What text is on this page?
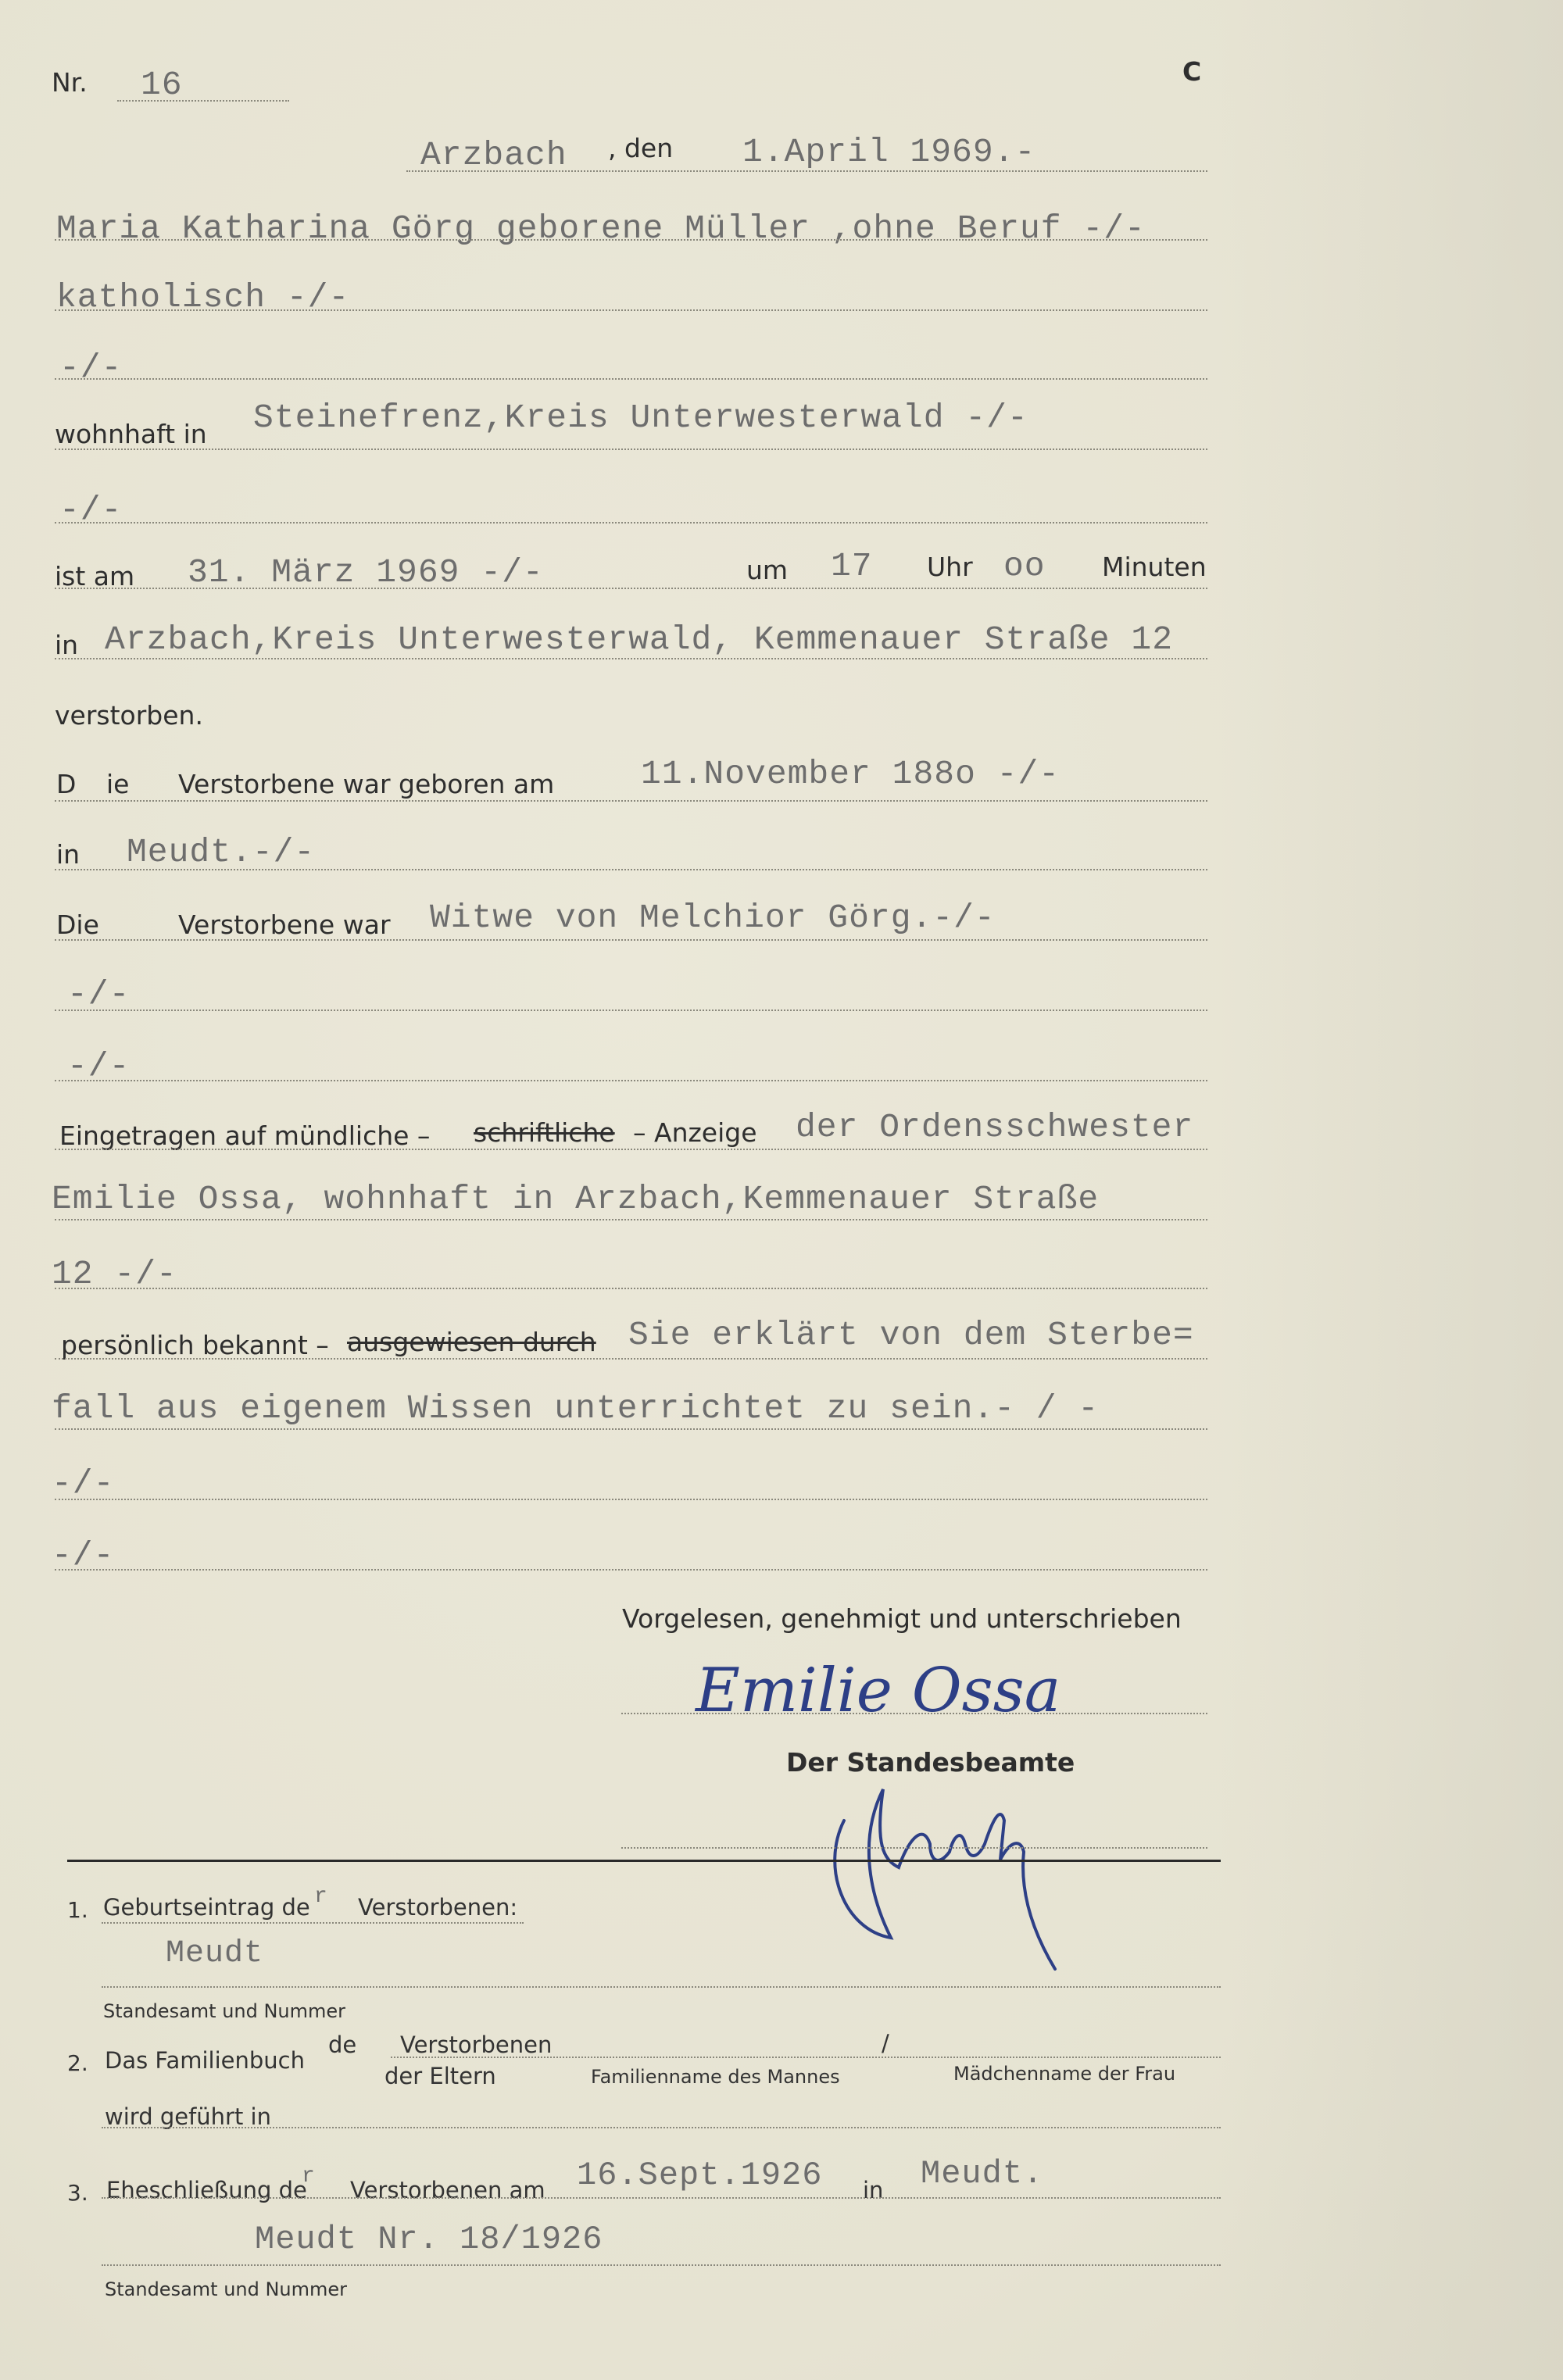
Nr. 16	C
Arzbach , den 1.April 1969.-
Maria Katharina Görg geborene Müller ,ohne Beruf -/-
katholisch -/-
-/-
wohnhaft in Steinefrenz,Kreis Unterwesterwald -/-
-/-
ist am 31. März 1969 -/-	um 17 Uhr oo Minuten
in Arzbach,Kreis Unterwesterwald, Kemmenauer Straße 12
verstorben.
D ie Verstorbene war geboren am	11.November 188o -/-
in Meudt.-/-
Die	Verstorbene war Witwe von Melchior Görg.-/-
-/-
-/-
Eingetragen auf mündliche – schriftliche – Anzeige der Ordensschwester
Emilie Ossa, wohnhaft in Arzbach,Kemmenauer Straße
12 -/-
persönlich bekannt – ausgewiesen durch Sie erklärt von dem Sterbe=
fall aus eigenem Wissen unterrichtet zu sein.- / -
-/-
-/-
Vorgelesen, genehmigt und unterschrieben
Emilie Ossa
Der Standesbeamte
1. Geburtseintrag de r Verstorbenen:
Meudt
Standesamt und Nummer
2. Das Familienbuch
de Verstorbenen
der Eltern
/
Familienname des Mannes	Mädchenname der Frau
wird geführt in
3. Eheschließung de
r
Verstorbenen am 16.Sept.1926 in Meudt.
Meudt Nr. 18/1926
Standesamt und Nummer
